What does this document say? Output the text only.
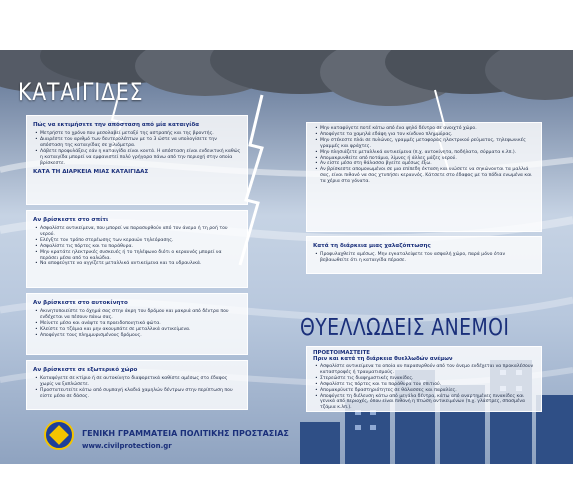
ΚΑΤΑΙΓΙΔΕΣ
Πώς να εκτιμήσετε την απόσταση από μία καταιγίδα
• Μετρήστε το χρόνο που μεσολαβεί μεταξύ της αστραπής και της βροντής.
• Διαιρέστε τον αριθμό των δευτερολέπτων με το 3 ώστε να υπολογίσετε την απόσταση της καταιγίδας σε χιλιόμετρα.
• Λάβετε προφυλάξεις εάν η καταιγίδα είναι κοντά. Η απόσταση είναι ενδεικτική καθώς η καταιγίδα μπορεί να εμφανιστεί πολύ γρήγορα πάνω από την περιοχή στην οποία βρίσκεστε.
ΚΑΤΑ ΤΗ ΔΙΑΡΚΕΙΑ ΜΙΑΣ ΚΑΤΑΙΓΙΔΑΣ
Αν βρίσκεστε στο σπίτι
• Ασφαλίστε αντικείμενα, που μπορεί να παρασυρθούν από τον άνεμο ή τη ροή του νερού.
• Ελέγξτε τον τρόπο στερέωσης των κεραιών τηλεόρασης.
• Ασφαλίστε τις πόρτες και τα παράθυρα.
• Μην κρατάτε ηλεκτρικές συσκευές ή το τηλέφωνο διότι ο κεραυνός μπορεί να περάσει μέσα από τα καλώδια.
• Να αποφεύγετε να αγγίζετε μεταλλικά αντικείμενα και τα υδραυλικά.
Αν βρίσκεστε στο αυτοκίνητο
• Ακινητοποιείστε το όχημά σας στην άκρη του δρόμου και μακριά από δέντρα που ενδέχεται να πέσουν πάνω σας.
• Μείνετε μέσα και ανάψτε τα προειδοποιητικά φώτα.
• Κλείστε τα τζάμια και μην ακουμπάτε σε μεταλλικά αντικείμενα.
• Αποφύγετε τους πλημμυρισμένους δρόμους.
Αν βρίσκεστε σε εξωτερικό χώρο
• Καταφύγετε σε κτίριο ή σε αυτοκίνητο διαφορετικά καθίστε αμέσως στο έδαφος χωρίς να ξαπλώσετε.
• Προστατευτείτε κάτω από συμπαγή κλαδιά χαμηλών δέντρων στην περίπτωση που είστε μέσα σε δάσος.
ΓΕΝΙΚΗ ΓΡΑΜΜΑΤΕΙΑ ΠΟΛΙΤΙΚΗΣ ΠΡΟΣΤΑΣΙΑΣ
www.civilprotection.gr
• Μην καταφύγετε ποτέ κάτω από ένα ψηλό δέντρο σε ανοιχτό χώρο.
• Αποφύγετε τα χαμηλά εδάφη για τον κίνδυνο πλημμύρας.
• Μην στέκεστε πλάι σε πυλώνες, γραμμές μεταφοράς ηλεκτρικού ρεύματος, τηλεφωνικές γραμμές και φράχτες.
• Μην πλησιάζετε μεταλλικά αντικείμενα (π.χ. αυτοκίνητα, ποδήλατα, σύρματα κ.λπ.).
• Απομακρυνθείτε από ποτάμια, λίμνες ή άλλες μάζες νερού.
• Αν είστε μέσα στη θάλασσα βγείτε αμέσως έξω.
• Αν βρίσκεστε απομονωμένοι σε μια επίπεδη έκταση και νιώσετε να σηκώνονται τα μαλλιά σας, είναι πιθανό να σας χτυπήσει κεραυνός. Κάτσετε στο έδαφος με τα πόδια ενωμένα και τα χέρια στα γόνατα.
Κατά τη διάρκεια μιας χαλαζόπτωσης
• Προφυλαχθείτε αμέσως. Μην εγκαταλείψετε τον ασφαλή χώρο, παρά μόνο όταν βεβαιωθείτε ότι η καταιγίδα πέρασε.
ΘΥΕΛΛΩΔΕΙΣ ΑΝΕΜΟΙ
ΠΡΟΕΤΟΙΜΑΣΤΕΙΤΕ
Πριν και κατά τη διάρκεια θυελλωδών ανέμων
• Ασφαλίστε αντικείμενα τα οποία αν παρασυρθούν από τον άνεμο ενδέχεται να προκαλέσουν καταστροφές ή τραυματισμούς.
• Στερεώστε τις διαφημιστικές πινακίδες.
• Ασφαλίστε τις πόρτες και τα παράθυρα του σπιτιού.
• Απομακρύνετε δραστηριότητες σε θάλασσες και παραλίες.
• Αποφύγετε τη διέλευση κάτω από μεγάλα δέντρα, κάτω από αναρτημένες πινακίδες και γενικά από περιοχές, όπου είναι πιθανή η πτώση αντικειμένων (π.χ. γλάστρες, σπασμένα τζάμια κ.λπ.).
